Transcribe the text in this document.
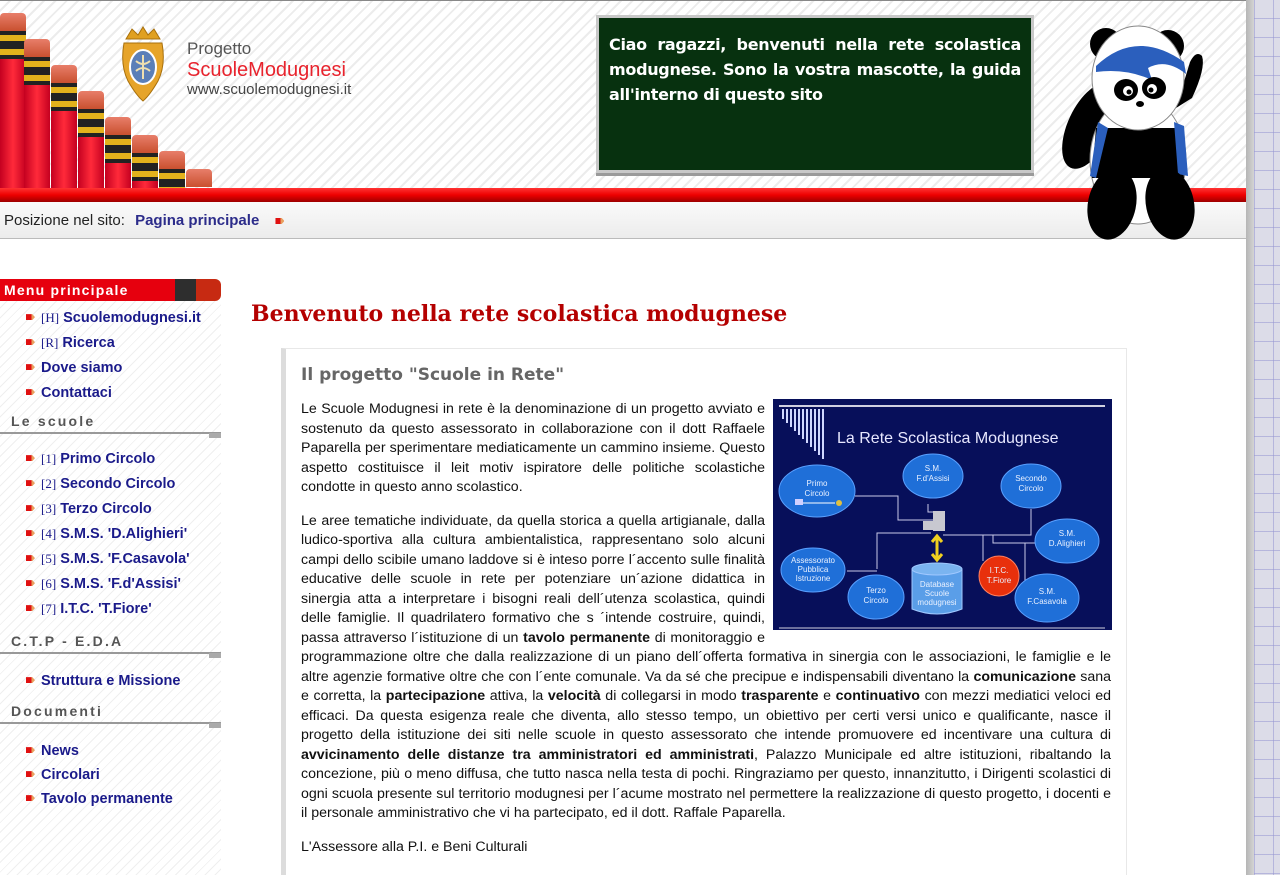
Progetto
ScuoleModugnesi
www.scuolemodugnesi.it

Ciao ragazzi, benvenuti nella rete scolastica modugnese. Sono la vostra mascotte, la guida all'interno di questo sito

Posizione nel sito: Pagina principale
Menu principale
[H] Scuolemodugnesi.it
[R] Ricerca
Dove siamo
Contattaci
Le scuole
[1] Primo Circolo
[2] Secondo Circolo
[3] Terzo Circolo
[4] S.M.S. 'D.Alighieri'
[5] S.M.S. 'F.Casavola'
[6] S.M.S. 'F.d'Assisi'
[7] I.T.C. 'T.Fiore'
C.T.P - E.D.A
Struttura e Missione
Documenti
News
Circolari
Tavolo permanente
Benvenuto nella rete scolastica modugnese
Il progetto "Scuole in Rete"
La Rete Scolastica Modugnese
Primo
Circolo
S.M.
F.d'Assisi	Secondo
Circolo
S.M.
D.Alighieri
Assessorato
Pubblica
Istruzione
Terzo
Circolo
Database
Scuole
modugnesi
I.T.C.
T.Fiore
S.M.
F.Casavola

Le Scuole Modugnesi in rete è la denominazione di un progetto avviato e sostenuto da questo assessorato in collaborazione con il dott Raffaele Paparella per sperimentare mediaticamente un cammino insieme. Questo aspetto costituisce il leit motiv ispiratore delle politiche scolastiche condotte in questo anno scolastico.

Le aree tematiche individuate, da quella storica a quella artigianale, dalla ludico-sportiva alla cultura ambientalistica, rappresentano solo alcuni campi dello scibile umano laddove si è inteso porre l´accento sulle finalità educative delle scuole in rete per potenziare un´azione didattica in sinergia atta a interpretare i bisogni reali dell´utenza scolastica, quindi delle famiglie. Il quadrilatero formativo che s ´intende costruire, quindi, passa attraverso l´istituzione di un tavolo permanente di monitoraggio e programmazione oltre che dalla realizzazione di un piano dell´offerta formativa in sinergia con le associazioni, le famiglie e le altre agenzie formative oltre che con l´ente comunale. Va da sé che precipue e indispensabili diventano la comunicazione sana e corretta, la partecipazione attiva, la velocità di collegarsi in modo trasparente e continuativo con mezzi mediatici veloci ed efficaci. Da questa esigenza reale che diventa, allo stesso tempo, un obiettivo per certi versi unico e qualificante, nasce il progetto della istituzione dei siti nelle scuole in questo assessorato che intende promuovere ed incentivare una cultura di avvicinamento delle distanze tra amministratori ed amministrati, Palazzo Municipale ed altre istituzioni, ribaltando la concezione, più o meno diffusa, che tutto nasca nella testa di pochi. Ringraziamo per questo, innanzitutto, i Dirigenti scolastici di ogni scuola presente sul territorio modugnesi per l´acume mostrato nel permettere la realizzazione di questo progetto, i docenti e il personale amministrativo che vi ha partecipato, ed il dott. Raffale Paparella.

L'Assessore alla P.I. e Beni Culturali
